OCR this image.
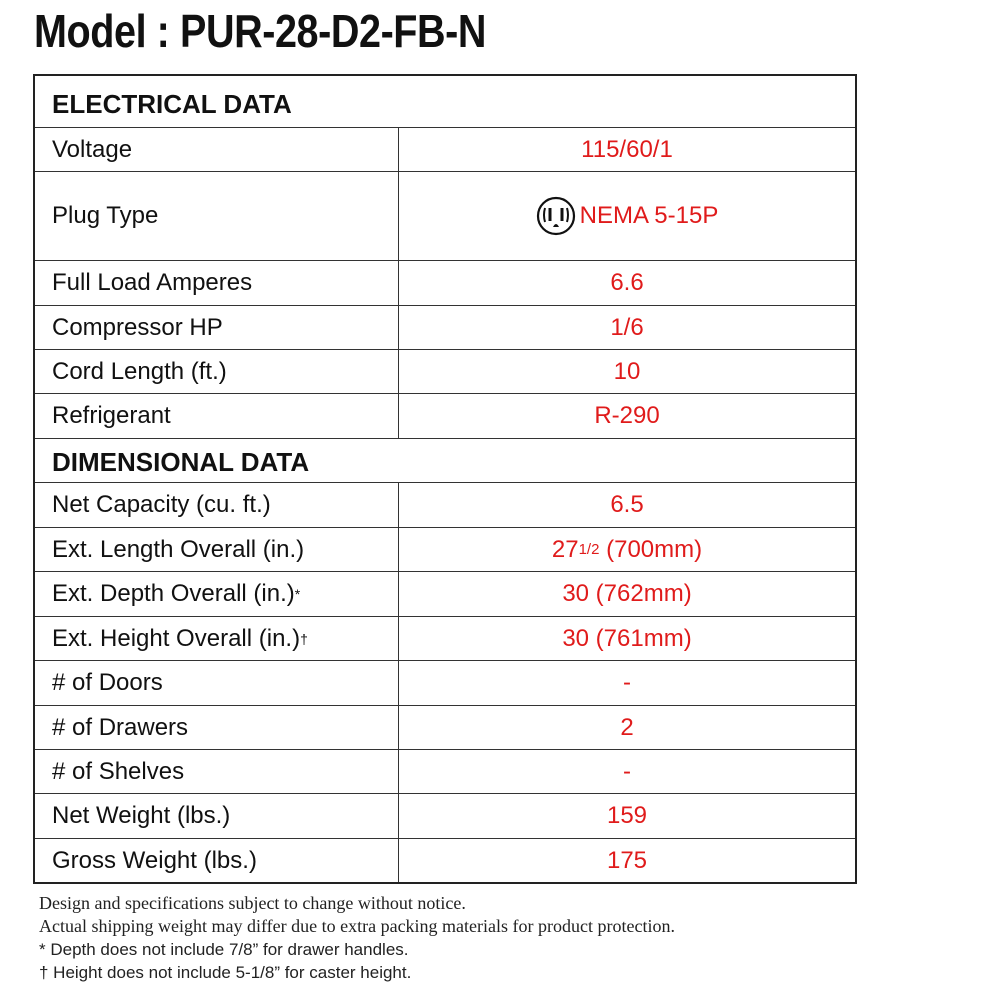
Model : PUR-28-D2-FB-N
ELECTRICAL DATA
Voltage	115/60/1
Plug Type	NEMA 5-15P
Full Load Amperes	6.6
Compressor HP	1/6
Cord Length (ft.)	10
Refrigerant	R-290
DIMENSIONAL DATA
Net Capacity (cu. ft.)	6.5
Ext. Length Overall (in.)	27 1/2 (700mm)
Ext. Depth Overall (in.) *	30 (762mm)
Ext. Height Overall (in.) †	30 (761mm)
# of Doors	-
# of Drawers	2
# of Shelves	-
Net Weight (lbs.)	159
Gross Weight (lbs.)	175
Design and specifications subject to change without notice.
Actual shipping weight may differ due to extra packing materials for product protection.
* Depth does not include 7/8” for drawer handles.
† Height does not include 5-1/8” for caster height.
